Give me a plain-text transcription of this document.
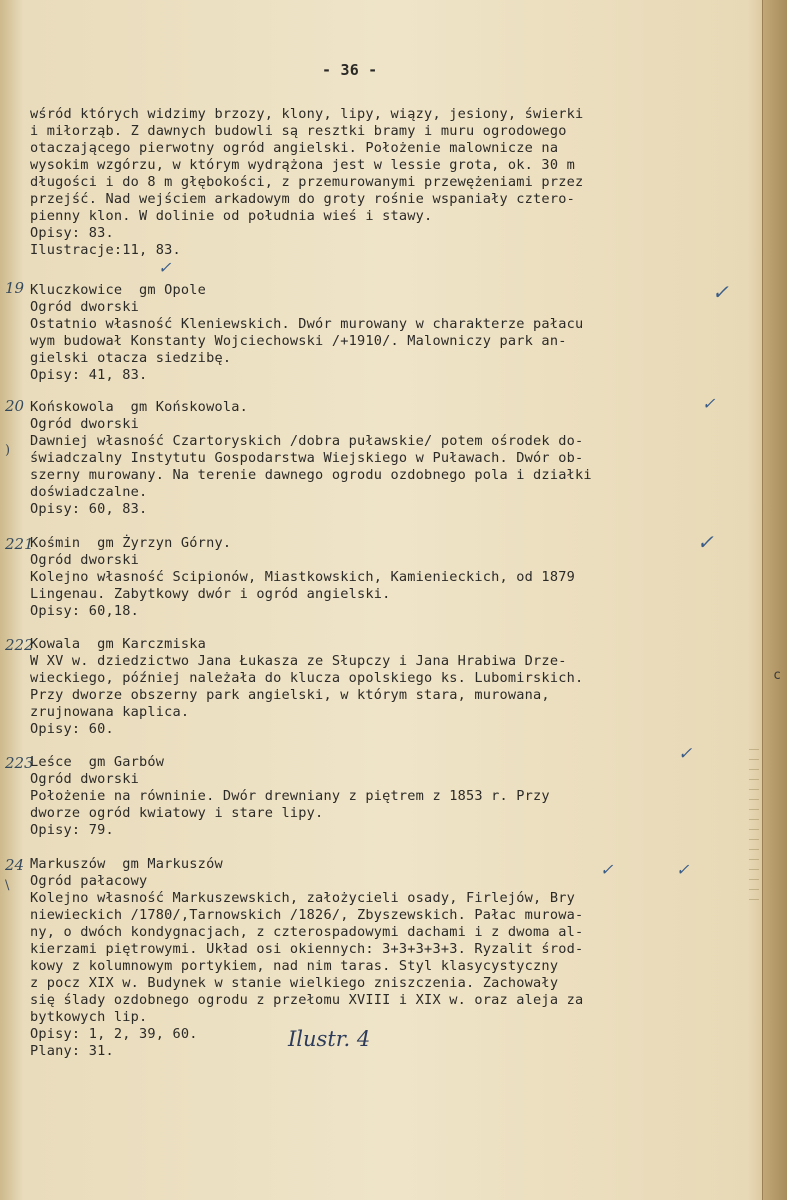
c
- 36 -
wśród których widzimy brzozy, klony, lipy, wiązy, jesiony, świerki
i miłorząb. Z dawnych budowli są resztki bramy i muru ogrodowego
otaczającego pierwotny ogród angielski. Położenie malownicze na
wysokim wzgórzu, w którym wydrążona jest w lessie grota, ok. 30 m
długości i do 8 m głębokości, z przemurowanymi przewężeniami przez
przejść. Nad wejściem arkadowym do groty rośnie wspaniały czterо-
pienny klon. W dolinie od południa wieś i stawy.
Opisy: 83.
Ilustracje:11, 83.
19 Kluczkowice  gm Opole
Ogród dworski
Ostatnio własność Kleniewskich. Dwór murowany w charakterze pałacu
wym budował Konstanty Wojciechowski /+1910/. Malowniczy park an-
gielski otacza siedzibę.
Opisy: 41, 83.
✓
✓
20 Końskowola  gm Końskowola.
Ogród dworski
Dawniej własność Czartoryskich /dobra puławskie/ potem ośrodek do-
świadczalny Instytutu Gospodarstwa Wiejskiego w Puławach. Dwór ob-
szerny murowany. Na terenie dawnego ogrodu ozdobnego pola i działki
doświadczalne.
Opisy: 60, 83.
✓
)
221
Kośmin  gm Żyrzyn Górny.
Ogród dworski
Kolejno własność Scipionów, Miastkowskich, Kamienieckich, od 1879
Lingenau. Zabytkowy dwór i ogród angielski.
Opisy: 60,18.
✓
222
Kowala  gm Karczmiska
W XV w. dziedzictwo Jana Łukasza ze Słupczy i Jana Hrabiwa Drze-
wieckiego, później należała do klucza opolskiego ks. Lubomirskich.
Przy dworze obszerny park angielski, w którym stara, murowana,
zrujnowana kaplica.
Opisy: 60.
223
Leśce  gm Garbów
Ogród dworski
Położenie na równinie. Dwór drewniany z piętrem z 1853 r. Przy
dworze ogród kwiatowy i stare lipy.
Opisy: 79.
✓
24
\
Markuszów  gm Markuszów
Ogród pałacowy
Kolejno własność Markuszewskich, założycieli osady, Firlejów, Bry
niewieckich /1780/,Tarnowskich /1826/, Zbyszewskich. Pałac murowa-
ny, o dwóch kondygnacjach, z czterospadowymi dachami i z dwoma al-
kierzami piętrowymi. Układ osi okiennych: 3+3+3+3+3. Ryzalit środ-
kowy z kolumnowym portykiem, nad nim taras. Styl klasycystyczny
z pocz XIX w. Budynek w stanie wielkiego zniszczenia. Zachowały
się ślady ozdobnego ogrodu z przełomu XVIII i XIX w. oraz aleja za
bytkowych lip.
Opisy: 1, 2, 39, 60.
Plany: 31.
✓	✓
Ilustr. 4
